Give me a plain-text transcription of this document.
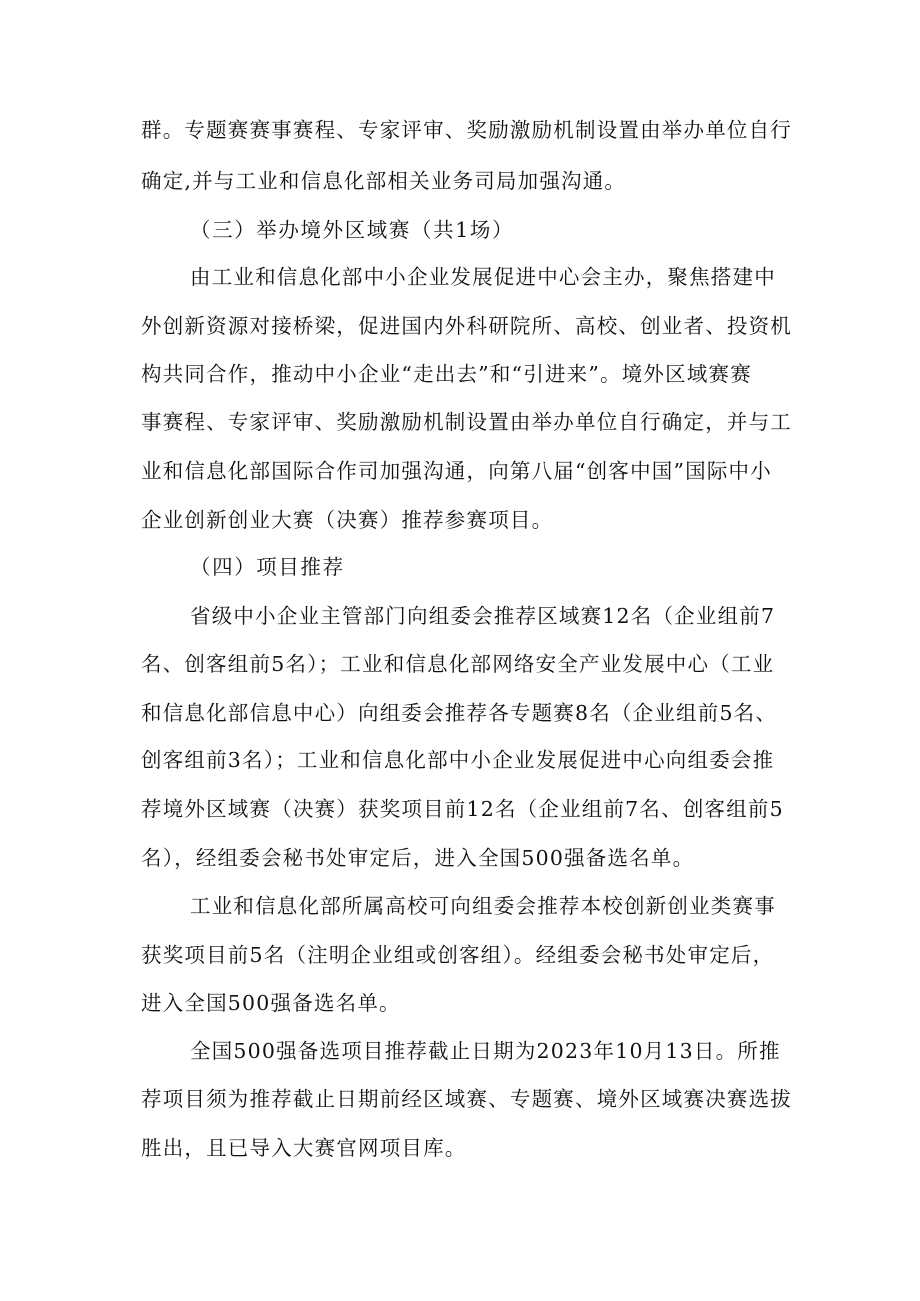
群。专题赛赛事赛程、专家评审、奖励激励机制设置由举办单位自行
确定,并与工业和信息化部相关业务司局加强沟通。
（三）举办境外区域赛（共1场）
由工业和信息化部中小企业发展促进中心会主办，聚焦搭建中
外创新资源对接桥梁，促进国内外科研院所、高校、创业者、投资机
构共同合作，推动中小企业“走出去”和“引进来”。境外区域赛赛
事赛程、专家评审、奖励激励机制设置由举办单位自行确定，并与工
业和信息化部国际合作司加强沟通，向第八届“创客中国”国际中小
企业创新创业大赛（决赛）推荐参赛项目。
（四）项目推荐
省级中小企业主管部门向组委会推荐区域赛12名（企业组前7
名、创客组前5名）；工业和信息化部网络安全产业发展中心（工业
和信息化部信息中心）向组委会推荐各专题赛8名（企业组前5名、
创客组前3名）；工业和信息化部中小企业发展促进中心向组委会推
荐境外区域赛（决赛）获奖项目前12名（企业组前7名、创客组前5
名），经组委会秘书处审定后，进入全国500强备选名单。
工业和信息化部所属高校可向组委会推荐本校创新创业类赛事
获奖项目前5名（注明企业组或创客组）。经组委会秘书处审定后，
进入全国500强备选名单。
全国500强备选项目推荐截止日期为2023年10月13日。所推
荐项目须为推荐截止日期前经区域赛、专题赛、境外区域赛决赛选拔
胜出，且已导入大赛官网项目库。
